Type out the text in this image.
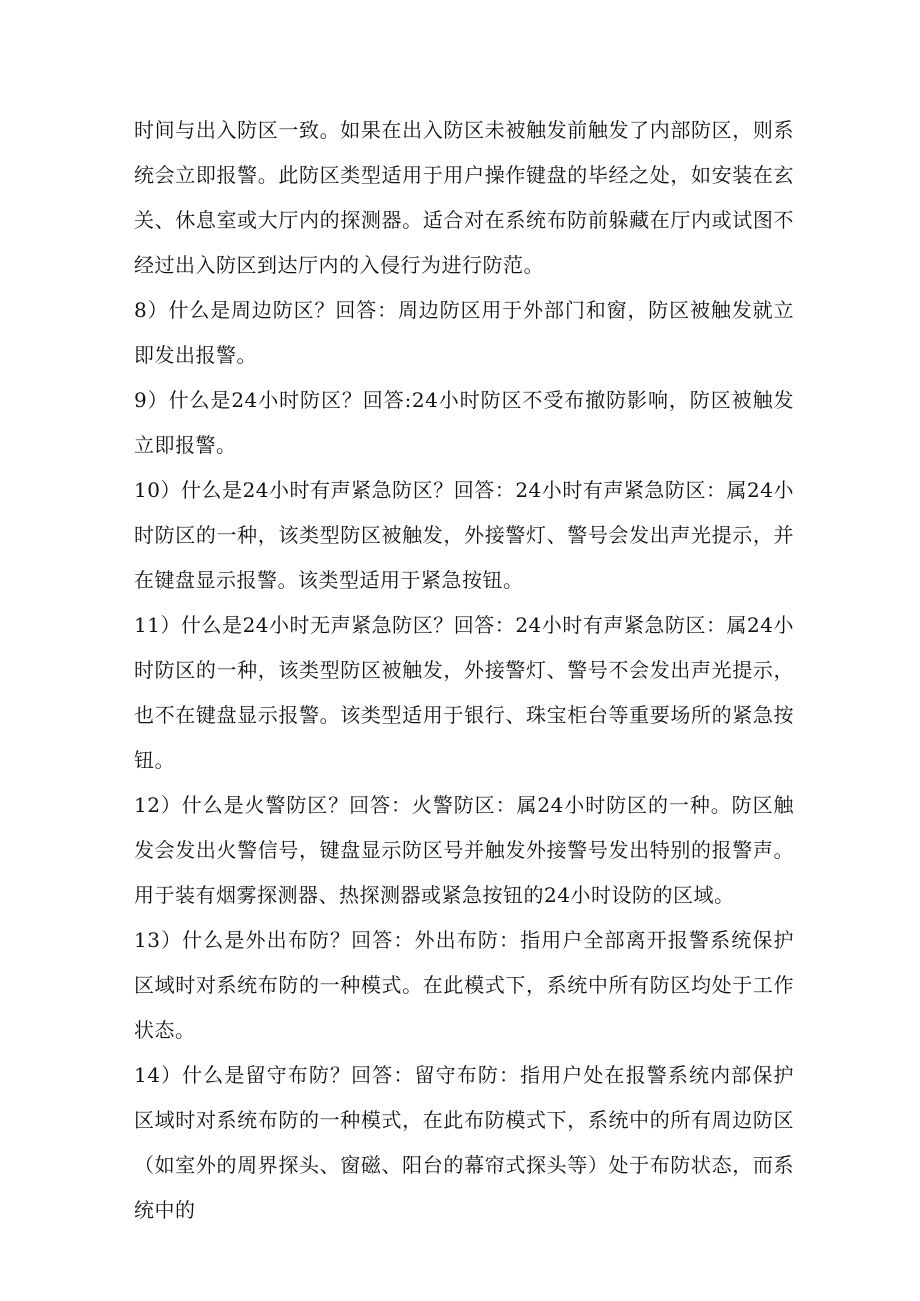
时间与出入防区一致。如果在出入防区未被触发前触发了内部防区，则系统会立即报警。此防区类型适用于用户操作键盘的毕经之处，如安装在玄关、休息室或大厅内的探测器。适合对在系统布防前躲藏在厅内或试图不经过出入防区到达厅内的入侵行为进行防范。

8）什么是周边防区？回答：周边防区用于外部门和窗，防区被触发就立即发出报警。

9）什么是24小时防区？回答:24小时防区不受布撤防影响，防区被触发立即报警。

10）什么是24小时有声紧急防区？回答：24小时有声紧急防区：属24小时防区的一种，该类型防区被触发，外接警灯、警号会发出声光提示，并在键盘显示报警。该类型适用于紧急按钮。

11）什么是24小时无声紧急防区？回答：24小时有声紧急防区：属24小时防区的一种，该类型防区被触发，外接警灯、警号不会发出声光提示，也不在键盘显示报警。该类型适用于银行、珠宝柜台等重要场所的紧急按钮。

12）什么是火警防区？回答：火警防区：属24小时防区的一种。防区触发会发出火警信号，键盘显示防区号并触发外接警号发出特别的报警声。用于装有烟雾探测器、热探测器或紧急按钮的24小时设防的区域。

13）什么是外出布防？回答：外出布防：指用户全部离开报警系统保护区域时对系统布防的一种模式。在此模式下，系统中所有防区均处于工作状态。

14）什么是留守布防？回答：留守布防：指用户处在报警系统内部保护区域时对系统布防的一种模式，在此布防模式下，系统中的所有周边防区（如室外的周界探头、窗磁、阳台的幕帘式探头等）处于布防状态，而系统中的
